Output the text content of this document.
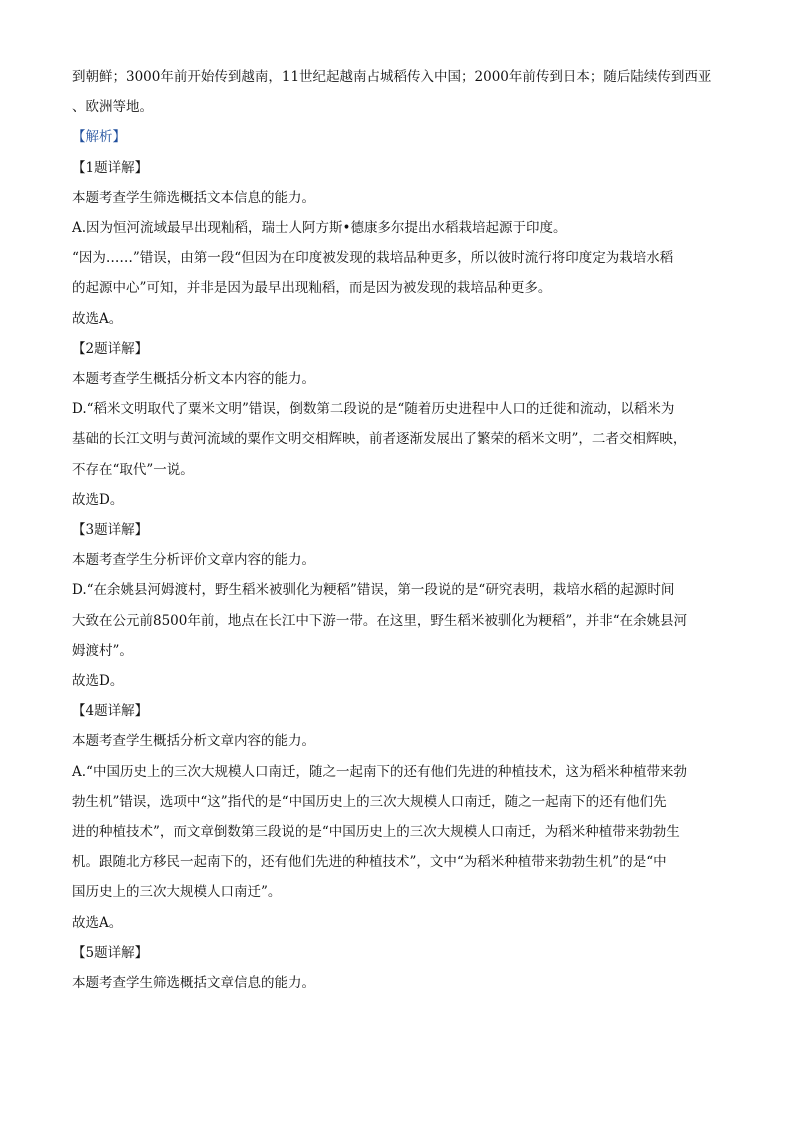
到朝鲜；3000年前开始传到越南，11世纪起越南占城稻传入中国；2000年前传到日本；随后陆续传到西亚

、欧洲等地。

【解析】

【1题详解】

本题考查学生筛选概括文本信息的能力。

A.因为恒河流域最早出现籼稻，瑞士人阿方斯•德康多尔提出水稻栽培起源于印度。

“因为……”错误，由第一段“但因为在印度被发现的栽培品种更多，所以彼时流行将印度定为栽培水稻

的起源中心”可知，并非是因为最早出现籼稻，而是因为被发现的栽培品种更多。

故选A。

【2题详解】

本题考查学生概括分析文本内容的能力。

D.“稻米文明取代了粟米文明”错误，倒数第二段说的是“随着历史进程中人口的迁徙和流动，以稻米为

基础的长江文明与黄河流域的粟作文明交相辉映，前者逐渐发展出了繁荣的稻米文明”，二者交相辉映，

不存在“取代”一说。

故选D。

【3题详解】

本题考查学生分析评价文章内容的能力。

D.“在余姚县河姆渡村，野生稻米被驯化为粳稻”错误，第一段说的是“研究表明，栽培水稻的起源时间

大致在公元前8500年前，地点在长江中下游一带。在这里，野生稻米被驯化为粳稻”，并非“在余姚县河

姆渡村”。

故选D。

【4题详解】

本题考查学生概括分析文章内容的能力。

A.“中国历史上的三次大规模人口南迁，随之一起南下的还有他们先进的种植技术，这为稻米种植带来勃

勃生机”错误，选项中“这”指代的是“中国历史上的三次大规模人口南迁，随之一起南下的还有他们先

进的种植技术”，而文章倒数第三段说的是“中国历史上的三次大规模人口南迁，为稻米种植带来勃勃生

机。跟随北方移民一起南下的，还有他们先进的种植技术”，文中“为稻米种植带来勃勃生机”的是“中

国历史上的三次大规模人口南迁”。

故选A。

【5题详解】

本题考查学生筛选概括文章信息的能力。
